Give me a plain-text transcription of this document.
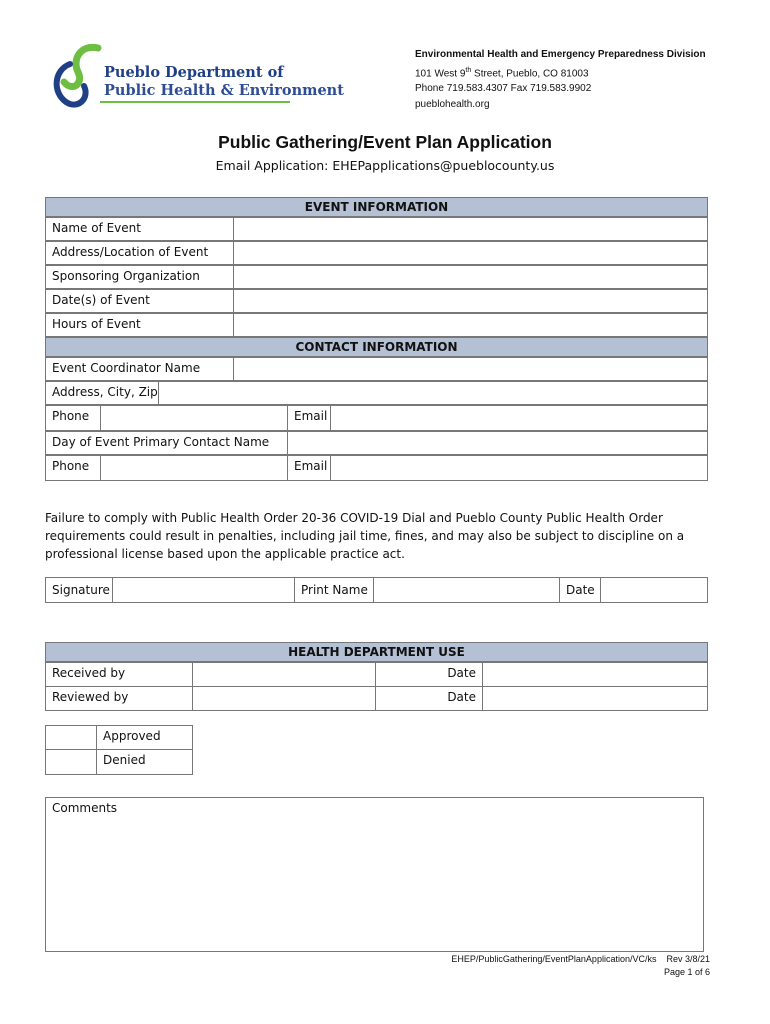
Pueblo Department of
Public Health & Environment
Environmental Health and Emergency Preparedness Division
101 West 9th Street, Pueblo, CO 81003
Phone 719.583.4307 Fax 719.583.9902
pueblohealth.org
Public Gathering/Event Plan Application
Email Application: EHEPapplications@pueblocounty.us
EVENT INFORMATION
Name of Event
Address/Location of Event
Sponsoring Organization
Date(s) of Event
Hours of Event
CONTACT INFORMATION
Event Coordinator Name
Address, City, Zip
Phone	Email
Day of Event Primary Contact Name
Phone	Email
Failure to comply with Public Health Order 20-36 COVID-19 Dial and Pueblo County Public Health Order requirements could result in penalties, including jail time, fines, and may also be subject to discipline on a professional license based upon the applicable practice act.
Signature	Print Name	Date
HEALTH DEPARTMENT USE
Received by	Date
Reviewed by	Date
Approved
Denied
Comments
EHEP/PublicGathering/EventPlanApplication/VC/ks    Rev 3/8/21
Page 1 of 6
